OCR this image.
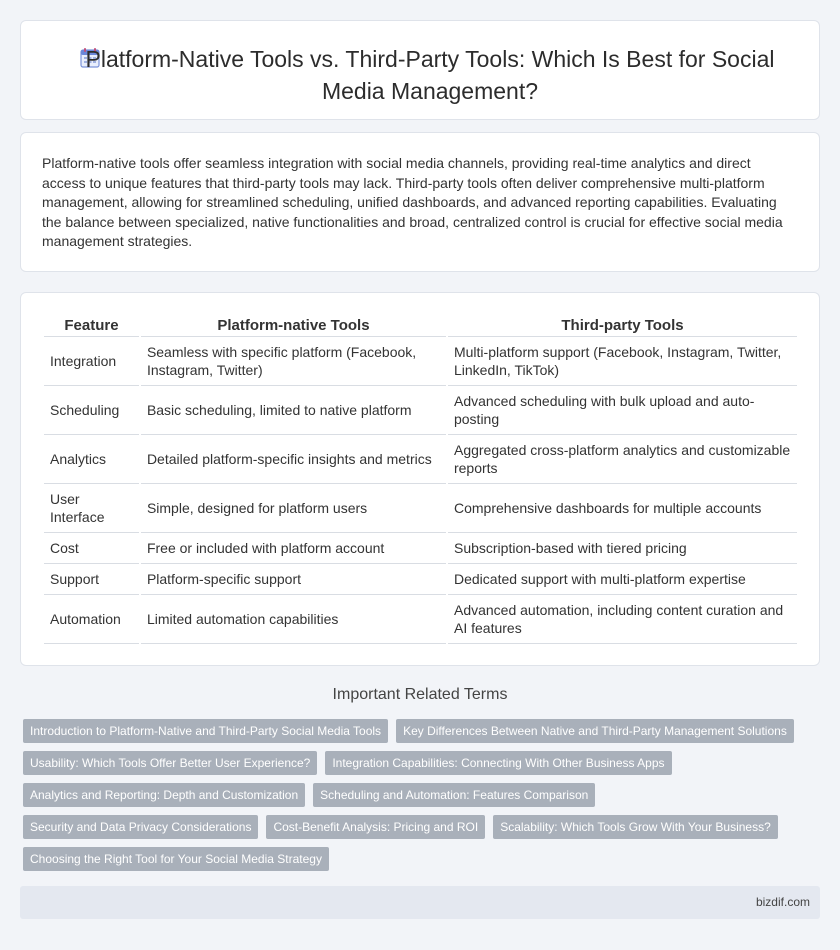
Platform-Native Tools vs. Third-Party Tools: Which Is Best for Social Media Management?

Platform-native tools offer seamless integration with social media channels, providing real-time analytics and direct access to unique features that third-party tools may lack. Third-party tools often deliver comprehensive multi-platform management, allowing for streamlined scheduling, unified dashboards, and advanced reporting capabilities. Evaluating the balance between specialized, native functionalities and broad, centralized control is crucial for effective social media management strategies.

Feature	Platform-native Tools	Third-party Tools
Integration	Seamless with specific platform (Facebook, Instagram, Twitter)	Multi-platform support (Facebook, Instagram, Twitter, LinkedIn, TikTok)
Scheduling	Basic scheduling, limited to native platform	Advanced scheduling with bulk upload and auto-posting
Analytics	Detailed platform-specific insights and metrics	Aggregated cross-platform analytics and customizable reports
User Interface	Simple, designed for platform users	Comprehensive dashboards for multiple accounts
Cost	Free or included with platform account	Subscription-based with tiered pricing
Support	Platform-specific support	Dedicated support with multi-platform expertise
Automation	Limited automation capabilities	Advanced automation, including content curation and AI features
Important Related Terms
Introduction to Platform-Native and Third-Party Social Media Tools	Key Differences Between Native and Third-Party Management Solutions
Usability: Which Tools Offer Better User Experience?	Integration Capabilities: Connecting With Other Business Apps
Analytics and Reporting: Depth and Customization	Scheduling and Automation: Features Comparison
Security and Data Privacy Considerations	Cost-Benefit Analysis: Pricing and ROI	Scalability: Which Tools Grow With Your Business?
Choosing the Right Tool for Your Social Media Strategy
bizdif.com
